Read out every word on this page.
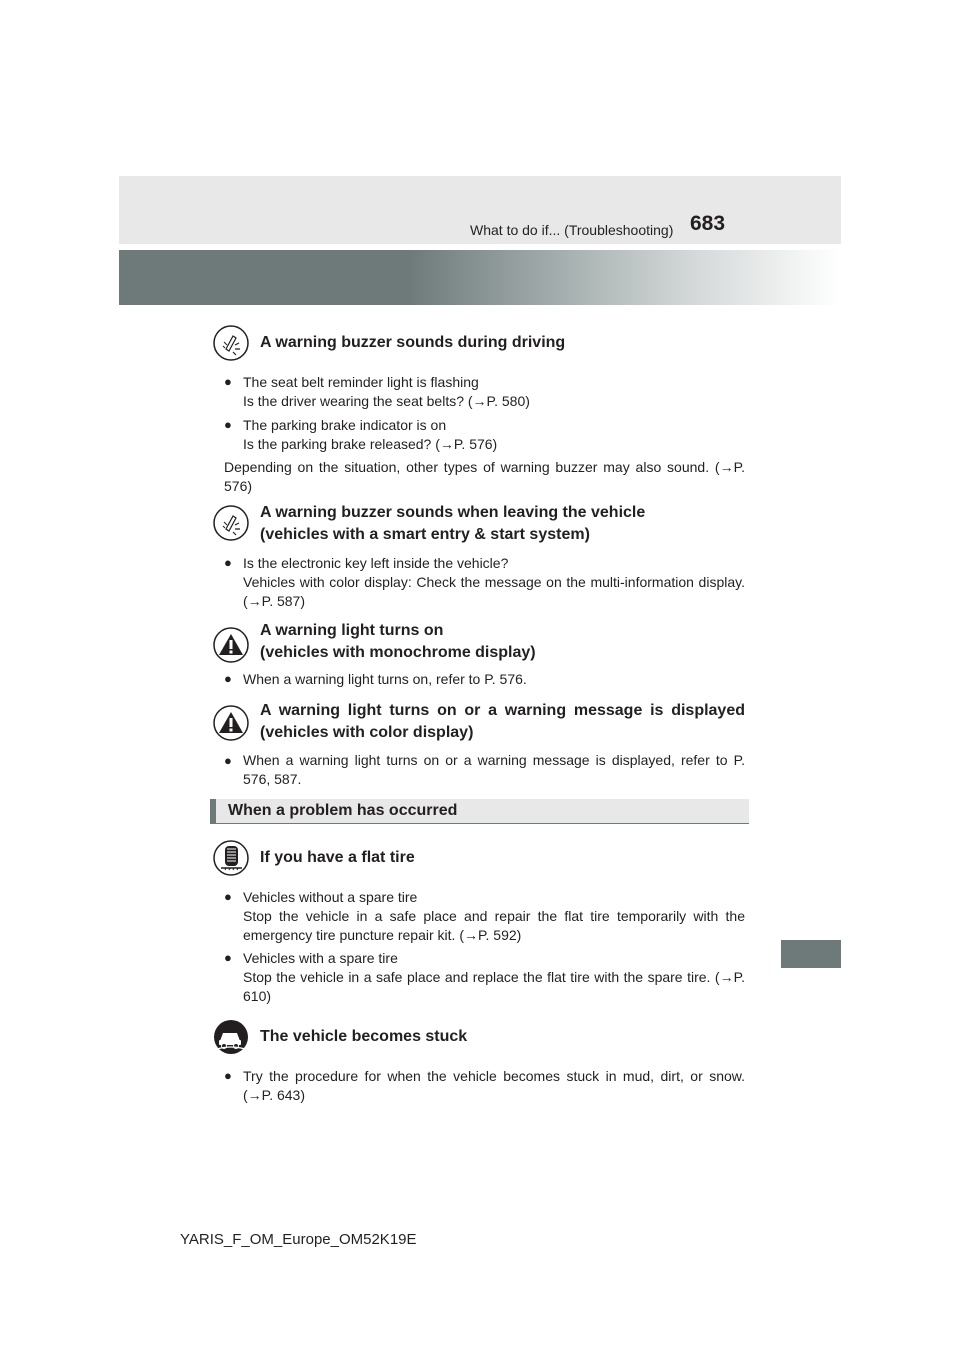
683
What to do if... (Troubleshooting)
A warning buzzer sounds during driving
● The seat belt reminder light is flashing
Is the driver wearing the seat belts? (→P. 580)
● The parking brake indicator is on
Is the parking brake released? (→P. 576)
Depending on the situation, other types of warning buzzer may also sound. (→P. 576)
A warning buzzer sounds when leaving the vehicle
(vehicles with a smart entry & start system)
● Is the electronic key left inside the vehicle?
Vehicles with color display: Check the message on the multi-information display. (→P. 587)
A warning light turns on
(vehicles with monochrome display)
● When a warning light turns on, refer to P. 576.
A warning light turns on or a warning message is displayed
(vehicles with color display)
● When a warning light turns on or a warning message is displayed, refer to P. 576, 587.
When a problem has occurred
If you have a flat tire
● Vehicles without a spare tire
Stop the vehicle in a safe place and repair the flat tire temporarily with the emergency tire puncture repair kit. (→P. 592)
● Vehicles with a spare tire
Stop the vehicle in a safe place and replace the flat tire with the spare tire. (→P. 610)
The vehicle becomes stuck
● Try the procedure for when the vehicle becomes stuck in mud, dirt, or snow. (→P. 643)
YARIS_F_OM_Europe_OM52K19E
